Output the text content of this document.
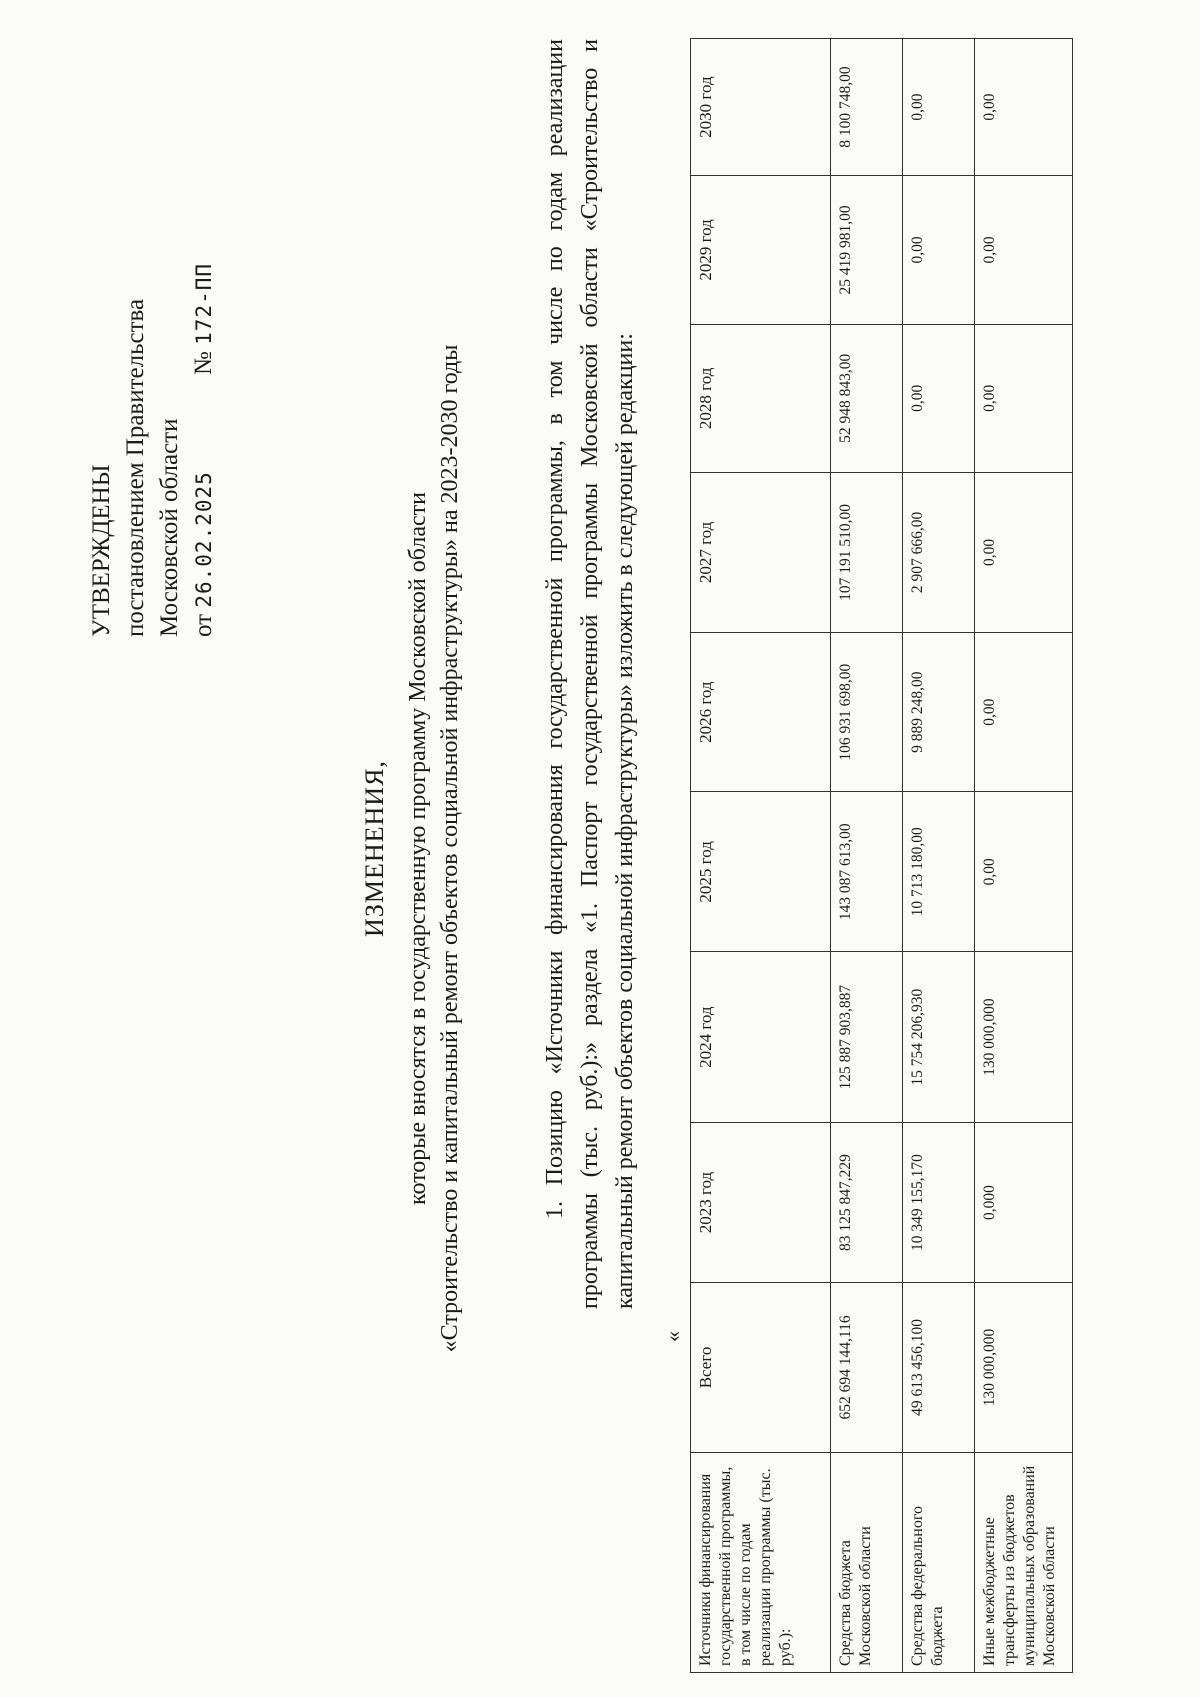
УТВЕРЖДЕНЫ постановлением Правительства Московской области от 26.02.2025 № 172-ПП
ИЗМЕНЕНИЯ, которые вносятся в государственную программу Московской области «Строительство и капитальный ремонт объектов социальной инфраструктуры» на 2023-2030 годы	1. Позицию «Источники финансирования государственной программы, в том числе по годам реализации программы (тыс. руб.):» раздела «1. Паспорт государственной программы Московской области «Строительство и капитальный ремонт объектов социальной инфраструктуры» изложить в следующей редакции:
«
Источники финансирования государственной программы, в том числе по годам реализации программы (тыс. руб.):	Всего	2023 год	2024 год	2025 год	2026 год	2027 год	2028 год	2029 год	2030 год
Средства бюджета Московской области	652 694 144,116	83 125 847,229	125 887 903,887	143 087 613,00	106 931 698,00	107 191 510,00	52 948 843,00	25 419 981,00	8 100 748,00
Средства федерального бюджета	49 613 456,100	10 349 155,170	15 754 206,930	10 713 180,00	9 889 248,00	2 907 666,00	0,00	0,00	0,00
Иные межбюджетные трансферты из бюджетов муниципальных образований Московской области	130 000,000	0,000	130 000,000	0,00	0,00	0,00	0,00	0,00	0,00
